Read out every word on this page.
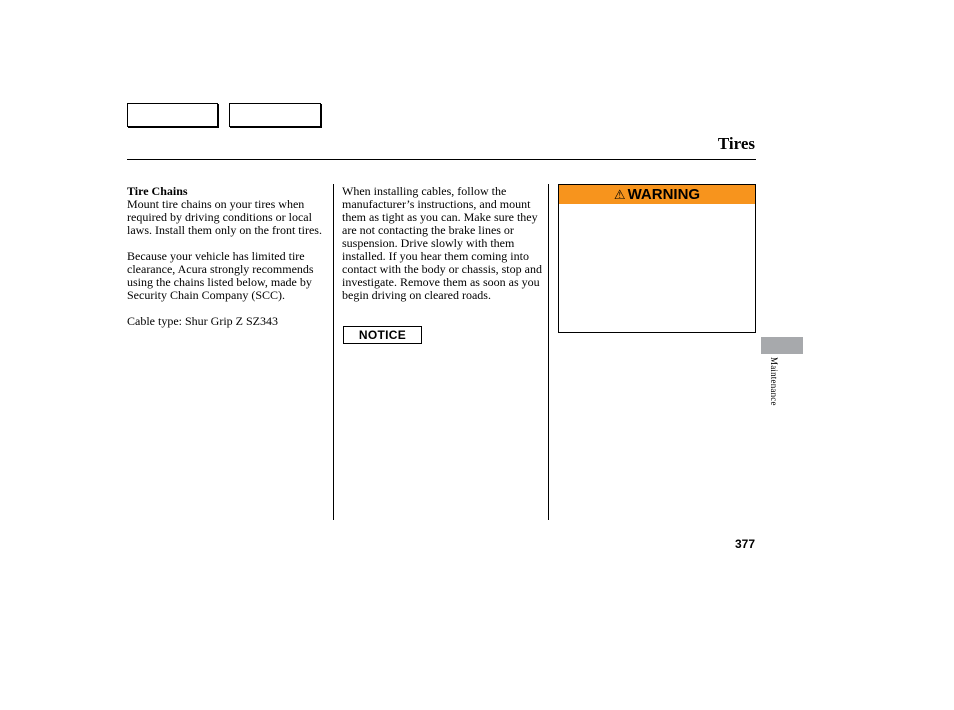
Tires
Tire Chains

Mount tire chains on your tires when required by driving conditions or local laws. Install them only on the front tires.

Because your vehicle has limited tire clearance, Acura strongly recommends using the chains listed below, made by Security Chain Company (SCC).

Cable type: Shur Grip Z SZ343

When installing cables, follow the manufacturer’s instructions, and mount them as tight as you can. Make sure they are not contacting the brake lines or suspension. Drive slowly with them installed. If you hear them coming into contact with the body or chassis, stop and investigate. Remove them as soon as you begin driving on cleared roads.

NOTICE
⚠ WARNING
Maintenance
377
